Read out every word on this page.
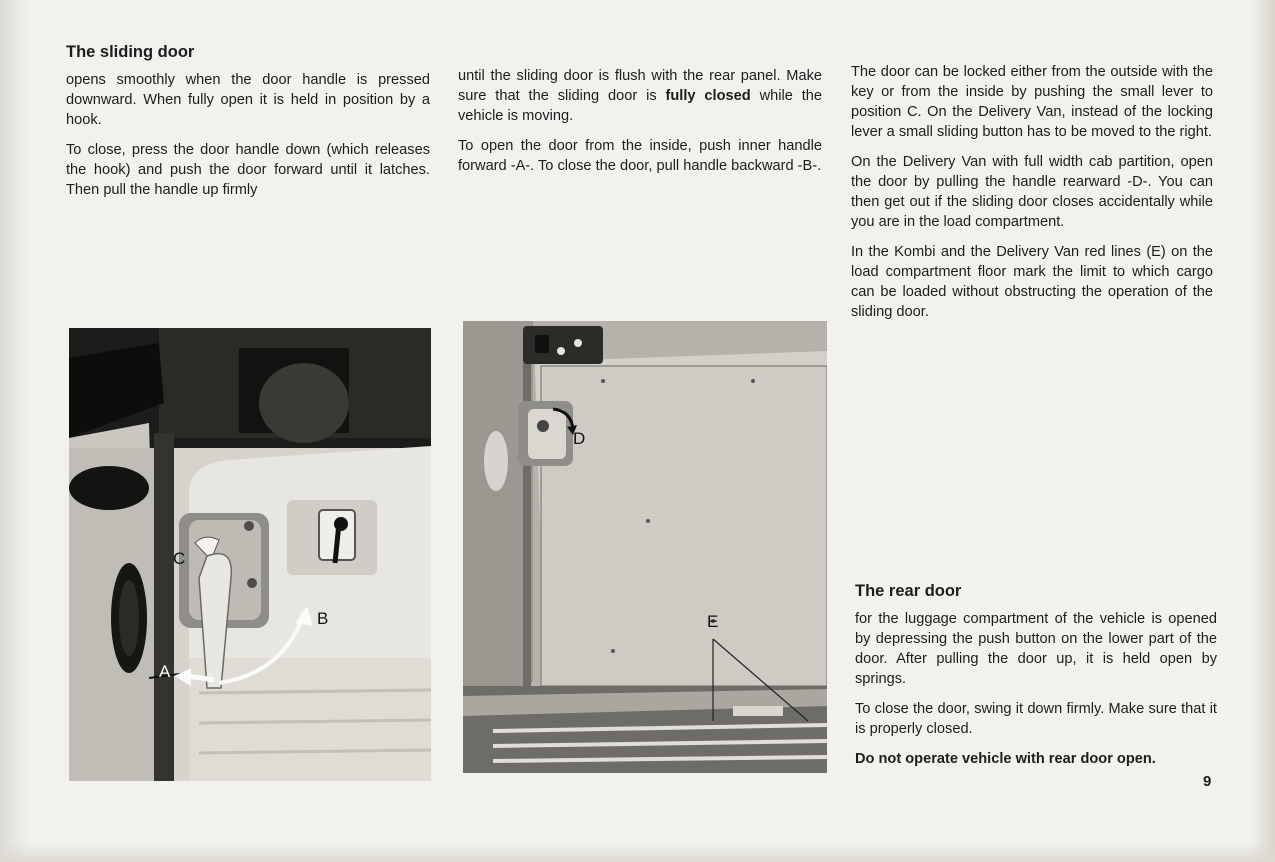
The sliding door

opens smoothly when the door handle is pressed downward. When fully open it is held in position by a hook.

To close, press the door handle down (which releases the hook) and push the door forward until it latches. Then pull the handle up firmly

until the sliding door is flush with the rear panel. Make sure that the sliding door is fully closed while the vehicle is moving.

To open the door from the inside, push inner handle forward -A-. To close the door, pull handle backward -B-.

The door can be locked either from the outside with the key or from the inside by pushing the small lever to position C. On the Delivery Van, instead of the locking lever a small sliding button has to be moved to the right.

On the Delivery Van with full width cab partition, open the door by pulling the handle rearward -D-. You can then get out if the sliding door closes accidentally while you are in the load compartment.

In the Kombi and the Delivery Van red lines (E) on the load compartment floor mark the limit to which cargo can be loaded without obstructing the operation of the sliding door.

The rear door

for the luggage compartment of the vehicle is opened by depressing the push button on the lower part of the door. After pulling the door up, it is held open by springs.

To close the door, swing it down firmly. Make sure that it is properly closed.

Do not operate vehicle with rear door open.

C
B
A
D
E
9
